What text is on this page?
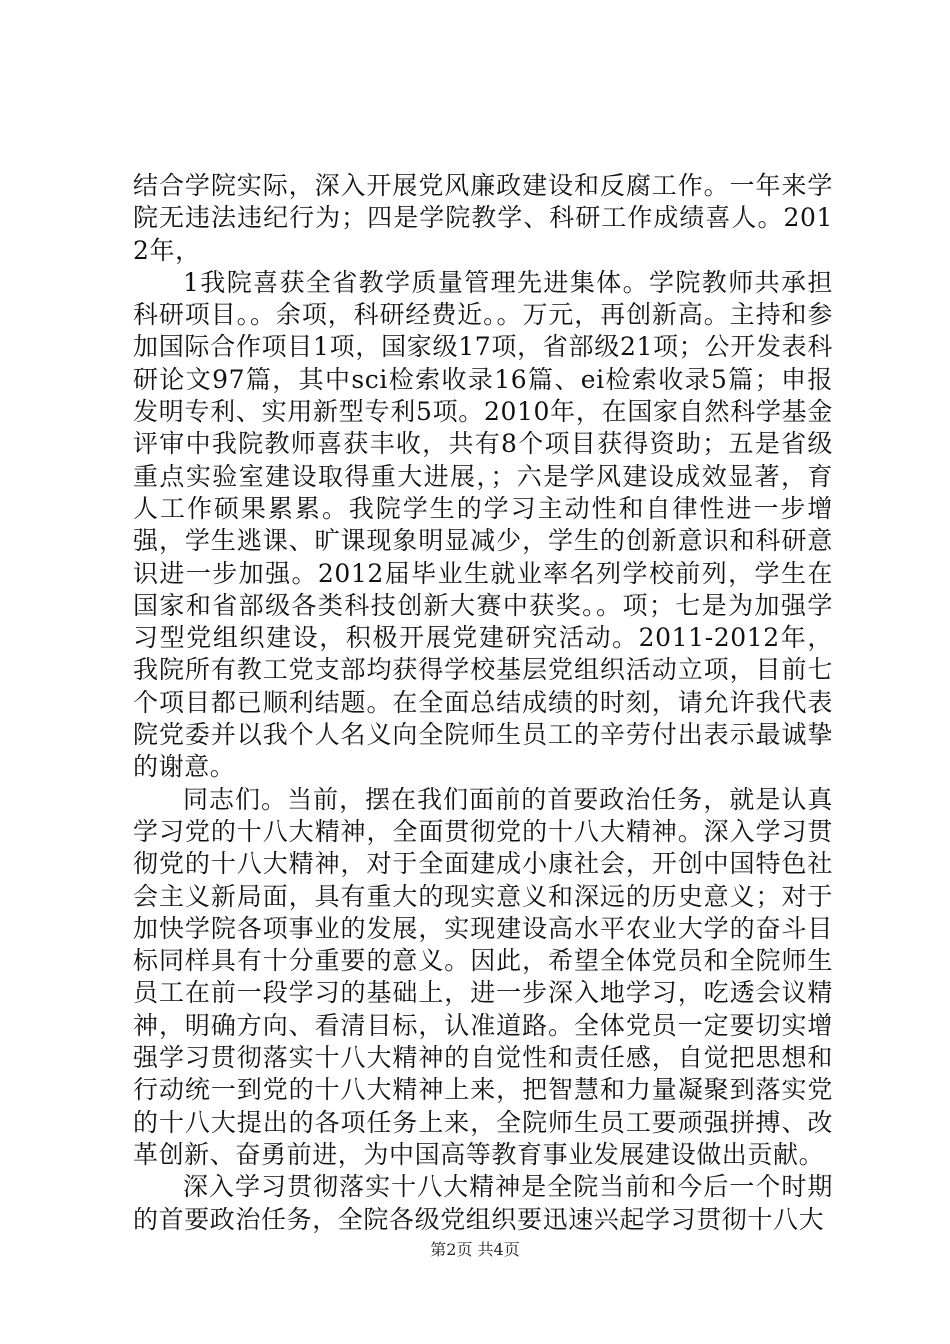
结合学院实际，深入开展党风廉政建设和反腐工作。一年来学院无违法违纪行为；四是学院教学、科研工作成绩喜人。2012年，

1我院喜获全省教学质量管理先进集体。学院教师共承担科研项目。。余项，科研经费近。。万元，再创新高。主持和参加国际合作项目1项，国家级17项，省部级21项；公开发表科研论文97篇，其中sci检索收录16篇、ei检索收录5篇；申报发明专利、实用新型专利5项。2010年，在国家自然科学基金评审中我院教师喜获丰收，共有8个项目获得资助；五是省级重点实验室建设取得重大进展，；六是学风建设成效显著，育人工作硕果累累。我院学生的学习主动性和自律性进一步增强，学生逃课、旷课现象明显减少，学生的创新意识和科研意识进一步加强。2012届毕业生就业率名列学校前列，学生在国家和省部级各类科技创新大赛中获奖。。项；七是为加强学习型党组织建设，积极开展党建研究活动。2011-2012年，我院所有教工党支部均获得学校基层党组织活动立项，目前七个项目都已顺利结题。在全面总结成绩的时刻，请允许我代表院党委并以我个人名义向全院师生员工的辛劳付出表示最诚挚的谢意。

同志们。当前，摆在我们面前的首要政治任务，就是认真学习党的十八大精神，全面贯彻党的十八大精神。深入学习贯彻党的十八大精神，对于全面建成小康社会，开创中国特色社会主义新局面，具有重大的现实意义和深远的历史意义；对于加快学院各项事业的发展，实现建设高水平农业大学的奋斗目标同样具有十分重要的意义。因此，希望全体党员和全院师生员工在前一段学习的基础上，进一步深入地学习，吃透会议精神，明确方向、看清目标，认准道路。全体党员一定要切实增强学习贯彻落实十八大精神的自觉性和责任感，自觉把思想和行动统一到党的十八大精神上来，把智慧和力量凝聚到落实党的十八大提出的各项任务上来，全院师生员工要顽强拼搏、改革创新、奋勇前进，为中国高等教育事业发展建设做出贡献。

深入学习贯彻落实十八大精神是全院当前和今后一个时期的首要政治任务，全院各级党组织要迅速兴起学习贯彻十八大

第2页 共4页
